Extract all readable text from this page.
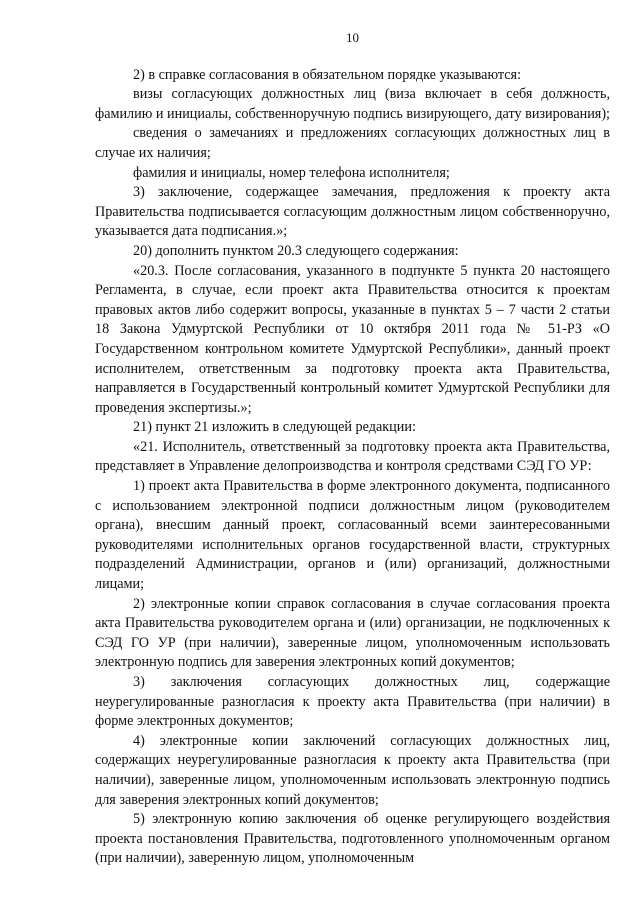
10

2) в справке согласования в обязательном порядке указываются:

визы согласующих должностных лиц (виза включает в себя должность, фамилию и инициалы, собственноручную подпись визирующего, дату визирования);

сведения о замечаниях и предложениях согласующих должностных лиц в случае их наличия;

фамилия и инициалы, номер телефона исполнителя;

3) заключение, содержащее замечания, предложения к проекту акта Правительства подписывается согласующим должностным лицом собственноручно, указывается дата подписания.»;

20) дополнить пунктом 20.3 следующего содержания:

«20.3. После согласования, указанного в подпункте 5 пункта 20 настоящего Регламента, в случае, если проект акта Правительства относится к проектам правовых актов либо содержит вопросы, указанные в пунктах 5 – 7 части 2 статьи 18 Закона Удмуртской Республики от 10 октября 2011 года № 51-РЗ «О Государственном контрольном комитете Удмуртской Республики», данный проект исполнителем, ответственным за подготовку проекта акта Правительства, направляется в Государственный контрольный комитет Удмуртской Республики для проведения экспертизы.»;

21) пункт 21 изложить в следующей редакции:

«21. Исполнитель, ответственный за подготовку проекта акта Правительства, представляет в Управление делопроизводства и контроля средствами СЭД ГО УР:

1) проект акта Правительства в форме электронного документа, подписанного с использованием электронной подписи должностным лицом (руководителем органа), внесшим данный проект, согласованный всеми заинтересованными руководителями исполнительных органов государственной власти, структурных подразделений Администрации, органов и (или) организаций, должностными лицами;

2) электронные копии справок согласования в случае согласования проекта акта Правительства руководителем органа и (или) организации, не подключенных к СЭД ГО УР (при наличии), заверенные лицом, уполномоченным использовать электронную подпись для заверения электронных копий документов;

3) заключения согласующих должностных лиц, содержащие неурегулированные разногласия к проекту акта Правительства (при наличии) в форме электронных документов;

4) электронные копии заключений согласующих должностных лиц, содержащих неурегулированные разногласия к проекту акта Правительства (при наличии), заверенные лицом, уполномоченным использовать электронную подпись для заверения электронных копий документов;

5) электронную копию заключения об оценке регулирующего воздействия проекта постановления Правительства, подготовленного уполномоченным органом (при наличии), заверенную лицом, уполномоченным
